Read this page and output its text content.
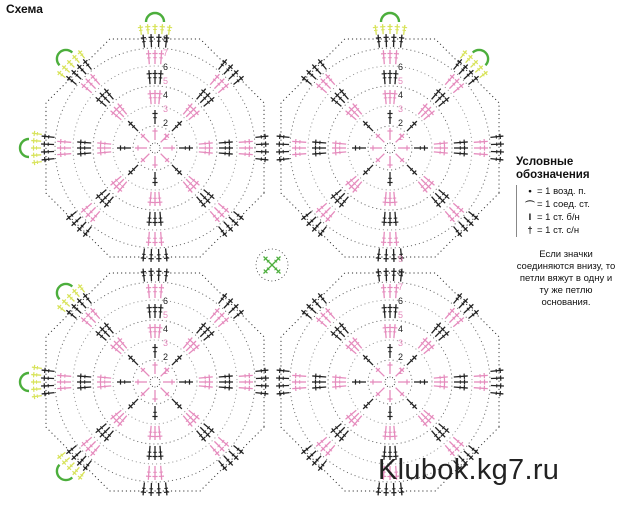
1
2
3
4
5
6
7
8
1
2
3
4
5
6
1
2
3
4
5
6
1
2
3
4
5
6
7
8
9
Схема
Условные
обозначения
• = 1 возд. п.
⌒ = 1 соед. ст.
I = 1 ст. б/н
† = 1 ст. с/н
Если значки соединяются внизу, то петли вяжут в одну и ту же петлю основания.
Klubok.kg7.ru
